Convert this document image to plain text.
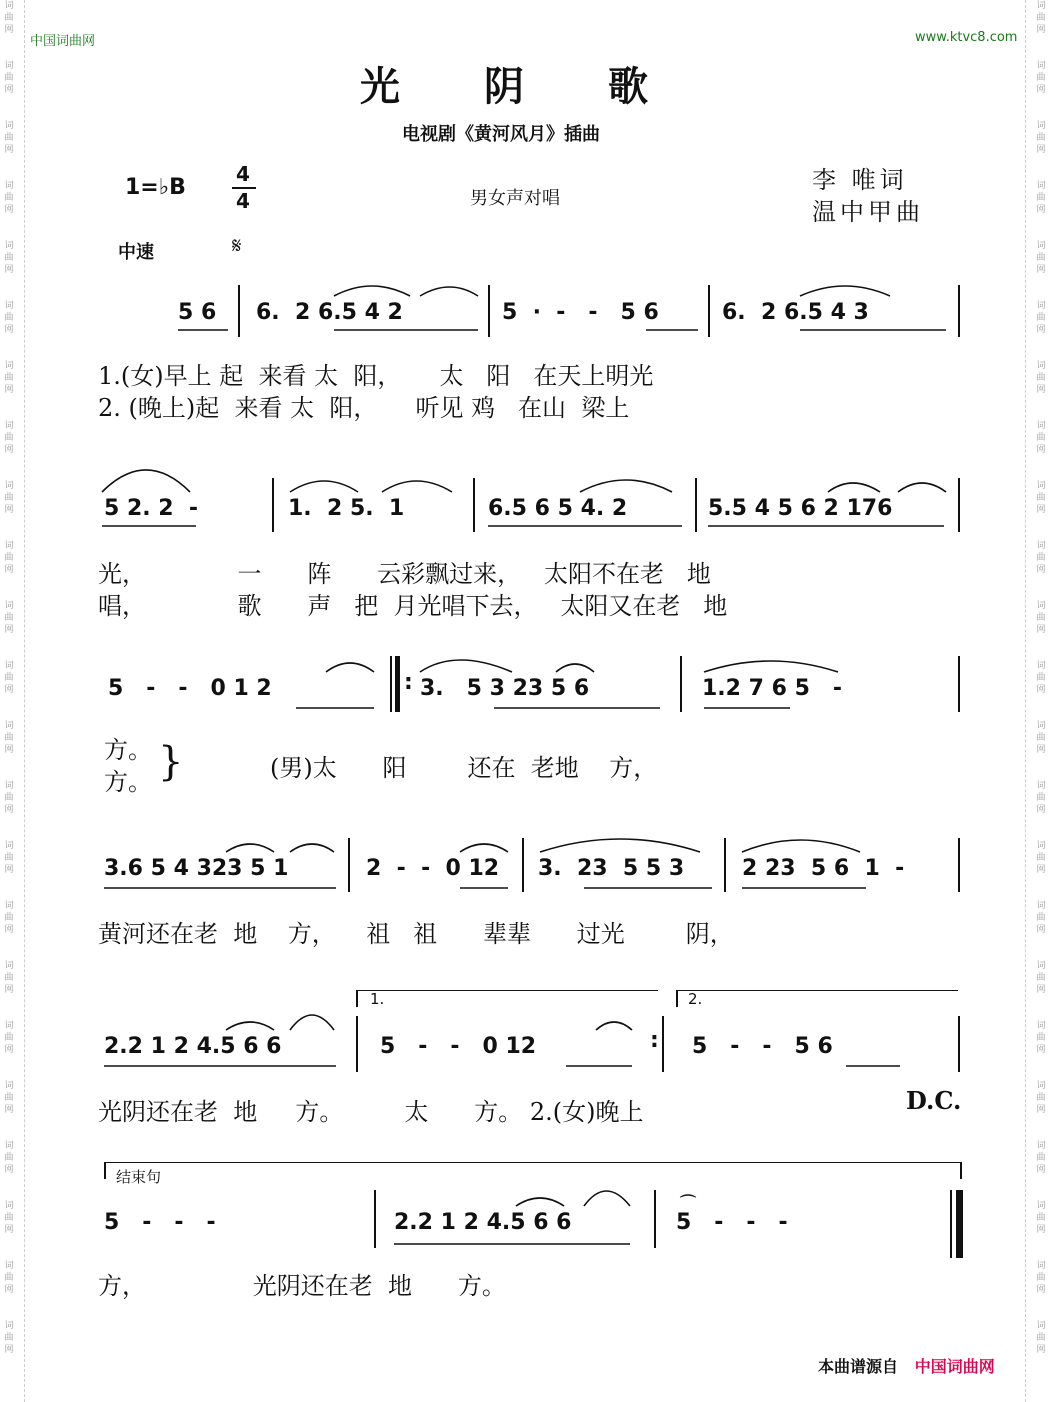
词
曲
网
词
曲
网
词
曲
网
词
曲
网
词
曲
网
词
曲
网
词
曲
网
词
曲
网
词
曲
网
词
曲
网
词
曲
网
词
曲
网
词
曲
网
词
曲
网
词
曲
网
词
曲
网
词
曲
网
词
曲
网
词
曲
网
词
曲
网
词
曲
网
词
曲
网
词
曲
网
词
曲
网
词
曲
网
词
曲
网
词
曲
网
词
曲
网
词
曲
网
词
曲
网
词
曲
网
词
曲
网
词
曲
网
词
曲
网
词
曲
网
词
曲
网
词
曲
网
词
曲
网
词
曲
网
词
曲
网
词
曲
网
词
曲
网
词
曲
网
词
曲
网
词
曲
网
词
曲
网
中国词曲网	www.ktvc8.com
光阴歌
电视剧《黄河风月》插曲
1=♭B
4
4	男女声对唱
李 唯词
温中甲曲
中速	𝄋
5 6 6.  2 6.5 4 2	5  ·  -   -   5 6	6.  2 6.5 4 3
1.(女)早上 起  来看 太  阳，     太   阳   在天上明光
2. (晚上)起  来看 太  阳，     听见 鸡   在山  梁上
5 2. 2  -	1.  2 5.  1	6.5 6 5 4. 2	5.5 4 5 6 2 176
光，            一      阵      云彩飘过来，   太阳不在老   地
唱，            歌      声   把  月光唱下去，   太阳又在老   地
5   -   -   0 1 2	3.   5 3 23 5 6	1.2 7 6 5   -
:
方。
方。 }	(男)太      阳        还在  老地    方，
3.6 5 4 323 5 1	2  -  -  0 12 3.  23  5 5 3	2 23  5 6  1  -
黄河还在老  地    方，    祖   祖      辈辈      过光        阴，
1.	2.
2.2 1 2 4.5 6 6	5   -   -   0 12	5   -   -   5 6
:
光阴还在老  地     方。        太      方。 2.(女)晚上	D.C.
结束句
5   -   -   -	2.2 1 2 4.5 6 6	5   -   -   -
⌒
方，              光阴还在老  地      方。
本曲谱源自 中国词曲网
